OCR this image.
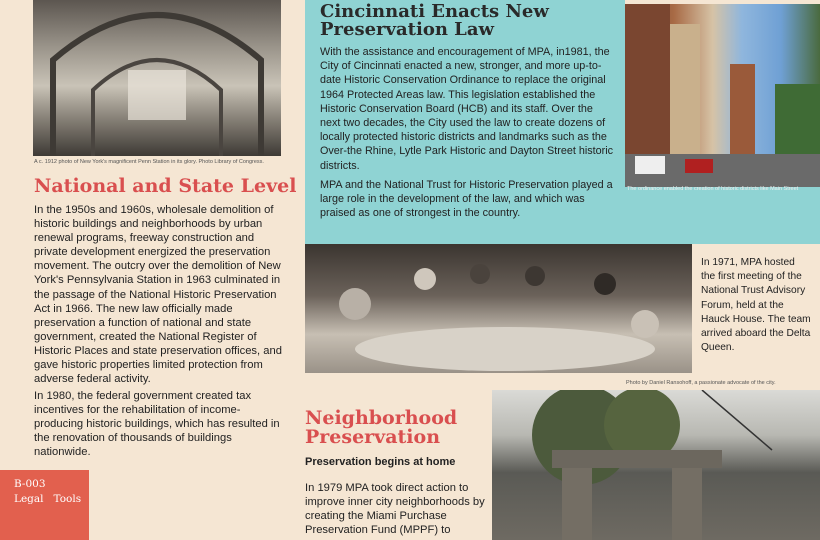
A c. 1912 photo of New York's magnificent Penn Station in its glory. Photo Library of Congress.
National and State Level
In the 1950s and 1960s, wholesale demolition of historic buildings and neighborhoods by urban renewal programs, freeway construction and private development energized the preservation movement. The outcry over the demolition of New York's Pennsylvania Station in 1963 culminated in the passage of the National Historic Preservation Act in 1966. The new law officially made preservation a function of national and state government, created the National Register of Historic Places and state preservation offices, and gave historic properties limited protection from adverse federal activity.
In 1980, the federal government created tax incentives for the rehabilitation of income-producing historic buildings, which has resulted in the renovation of thousands of buildings nationwide.
Cincinnati Enacts New
Preservation Law
With the assistance and encouragement of MPA, in1981, the City of Cincinnati enacted a new, stronger, and more up-to-date Historic Conservation Ordinance to replace the original 1964 Protected Areas law. This legislation established the Historic Conservation Board (HCB) and its staff. Over the next two decades, the City used the law to create dozens of locally protected historic districts and landmarks such as the Over-the Rhine, Lytle Park Historic and Dayton Street historic districts.
MPA and the National Trust for Historic Preservation played a large role in the development of the law, and which was praised as one of strongest in the country.
The ordinance enabled the creation of historic districts like Main Street
In 1971, MPA hosted the first meeting of the National Trust Advisory Forum, held at the Hauck House. The team arrived aboard the Delta Queen.
Photo by Daniel Ransohoff, a passionate advocate of the city.
Neighborhood
Preservation
Preservation begins at home
In 1979 MPA took direct action to improve inner city neighborhoods by creating the Miami Purchase Preservation Fund (MPPF) to
B-003
Legal   Tools
